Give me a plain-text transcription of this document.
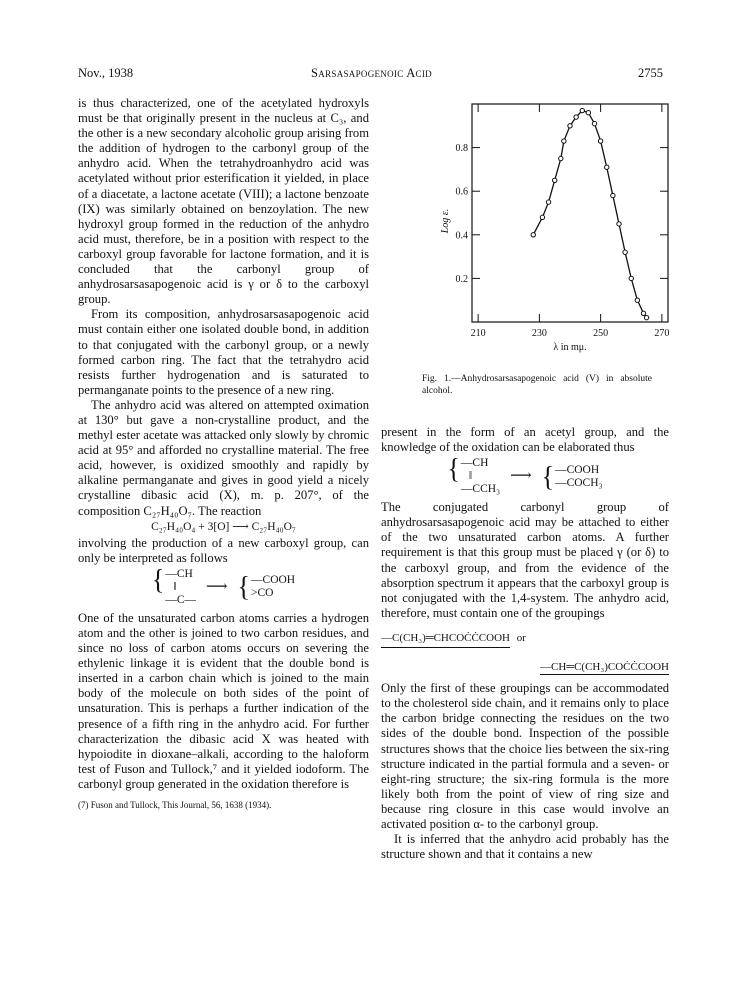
Nov., 1938	Sarsasapogenoic Acid	2755

is thus characterized, one of the acetylated hydroxyls must be that originally present in the nucleus at C₃, and the other is a new secondary alcoholic group arising from the addition of hydrogen to the carbonyl group of the anhydro acid. When the tetrahydroanhydro acid was acetylated without prior esterification it yielded, in place of a diacetate, a lactone acetate (VIII); a lactone benzoate (IX) was similarly obtained on benzoylation. The new hydroxyl group formed in the reduction of the anhydro acid must, therefore, be in a position with respect to the carboxyl group favorable for lactone formation, and it is concluded that the carbonyl group of anhydrosarsasapogenoic acid is γ or δ to the carboxyl group.

From its composition, anhydrosarsasapogenoic acid must contain either one isolated double bond, in addition to that conjugated with the carbonyl group, or a newly formed carbon ring. The fact that the tetrahydro acid resists further hydrogenation and is saturated to permanganate points to the presence of a new ring.

The anhydro acid was altered on attempted oximation at 130° but gave a non-crystalline product, and the methyl ester acetate was attacked only slowly by chromic acid at 95° and afforded no crystalline material. The free acid, however, is oxidized smoothly and rapidly by alkaline permanganate and gives in good yield a nicely crystalline dibasic acid (X), m. p. 207°, of the composition C₂₇H₄₀O₇. The reaction

C₂₇H₄₀O₄ + 3[O] ⟶ C₂₇H₄₀O₇

involving the production of a new carboxyl group, can only be interpreted as follows

{ —CH
‖
—C—
⟶ { —COOH
>CO

One of the unsaturated carbon atoms carries a hydrogen atom and the other is joined to two carbon residues, and since no loss of carbon atoms occurs on severing the ethylenic linkage it is evident that the double bond is inserted in a carbon chain which is joined to the main body of the molecule on both sides of the point of unsaturation. This is perhaps a further indication of the presence of a fifth ring in the anhydro acid. For further characterization the dibasic acid X was heated with hypoiodite in dioxane–alkali, according to the haloform test of Fuson and Tullock,⁷ and it yielded iodoform. The carbonyl group generated in the oxidation therefore is

(7) Fuson and Tullock, This Journal, 56, 1638 (1934).
210	230	250	270
0.2
0.4
0.6
0.8
λ in mμ.
Log ε.
Fig. 1.—Anhydrosarsasapogenoic acid (V) in absolute alcohol.

present in the form of an acetyl group, and the knowledge of the oxidation can be elaborated thus

{ —CH
‖
—CCH₃
⟶ { —COOH
—COCH₃

The conjugated carbonyl group of anhydrosarsasapogenoic acid may be attached to either of the two unsaturated carbon atoms. A further requirement is that this group must be placed γ (or δ) to the carboxyl group, and from the evidence of the absorption spectrum it appears that the carboxyl group is not conjugated with the 1,4-system. The anhydro acid, therefore, must contain one of the groupings

—C(CH₃)═CHCOĊĊCOOH or
—CH═C(CH₃)COĊĊCOOH

Only the first of these groupings can be accommodated to the cholesterol side chain, and it remains only to place the carbon bridge connecting the residues on the two sides of the double bond. Inspection of the possible structures shows that the choice lies between the six-ring structure indicated in the partial formula and a seven- or eight-ring structure; the six-ring formula is the more likely both from the point of view of ring size and because ring closure in this case would involve an activated position α- to the carbonyl group.

It is inferred that the anhydro acid probably has the structure shown and that it contains a new
